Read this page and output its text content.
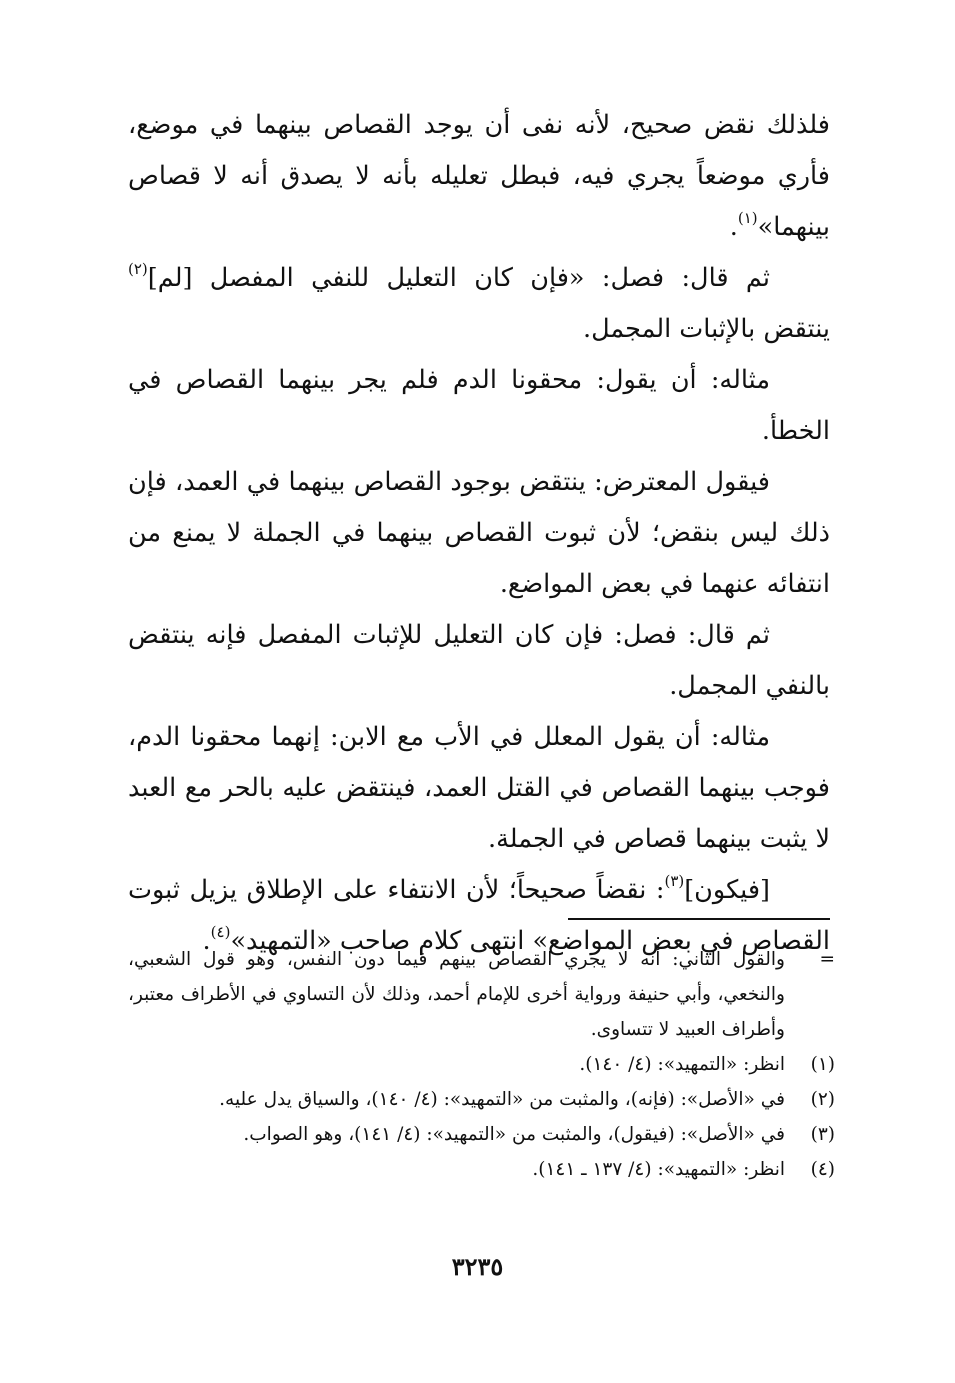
فلذلك نقض صحيح، لأنه نفى أن يوجد القصاص بينهما في موضع، فأري موضعاً يجري فيه، فبطل تعليله بأنه لا يصدق أنه لا قصاص بينهما»$^{(١)}$.

ثم قال: فصل: «فإن كان التعليل للنفي المفصل [لم]$^{(٢)}$ ينتقض بالإثبات المجمل.

مثاله: أن يقول: محقونا الدم فلم يجر بينهما القصاص في الخطأ.

فيقول المعترض: ينتقض بوجود القصاص بينهما في العمد، فإن ذلك ليس بنقض؛ لأن ثبوت القصاص بينهما في الجملة لا يمنع من انتفائه عنهما في بعض المواضع.

ثم قال: فصل: فإن كان التعليل للإثبات المفصل فإنه ينتقض بالنفي المجمل.

مثاله: أن يقول المعلل في الأب مع الابن: إنهما محقونا الدم، فوجب بينهما القصاص في القتل العمد، فينتقض عليه بالحر مع العبد لا يثبت بينهما قصاص في الجملة.

[فيكون]$^{(٣)}$: نقضاً صحيحاً؛ لأن الانتفاء على الإطلاق يزيل ثبوت القصاص في بعض المواضع» انتهى كلام صاحب «التمهيد»$^{(٤)}$.

=
والقول الثاني: أنه لا يجري القصاص بينهم فيما دون النفس، وهو قول الشعبي، والنخعي، وأبي حنيفة ورواية أخرى للإمام أحمد، وذلك لأن التساوي في الأطراف معتبر، وأطراف العبيد لا تتساوى.
(١)
انظر: «التمهيد»: (٤/ ١٤٠).
(٢)
في «الأصل»: (فإنه)، والمثبت من «التمهيد»: (٤/ ١٤٠)، والسياق يدل عليه.
(٣)
في «الأصل»: (فيقول)، والمثبت من «التمهيد»: (٤/ ١٤١)، وهو الصواب.
(٤)
انظر: «التمهيد»: (٤/ ١٣٧ ـ ١٤١).
٣٢٣٥
